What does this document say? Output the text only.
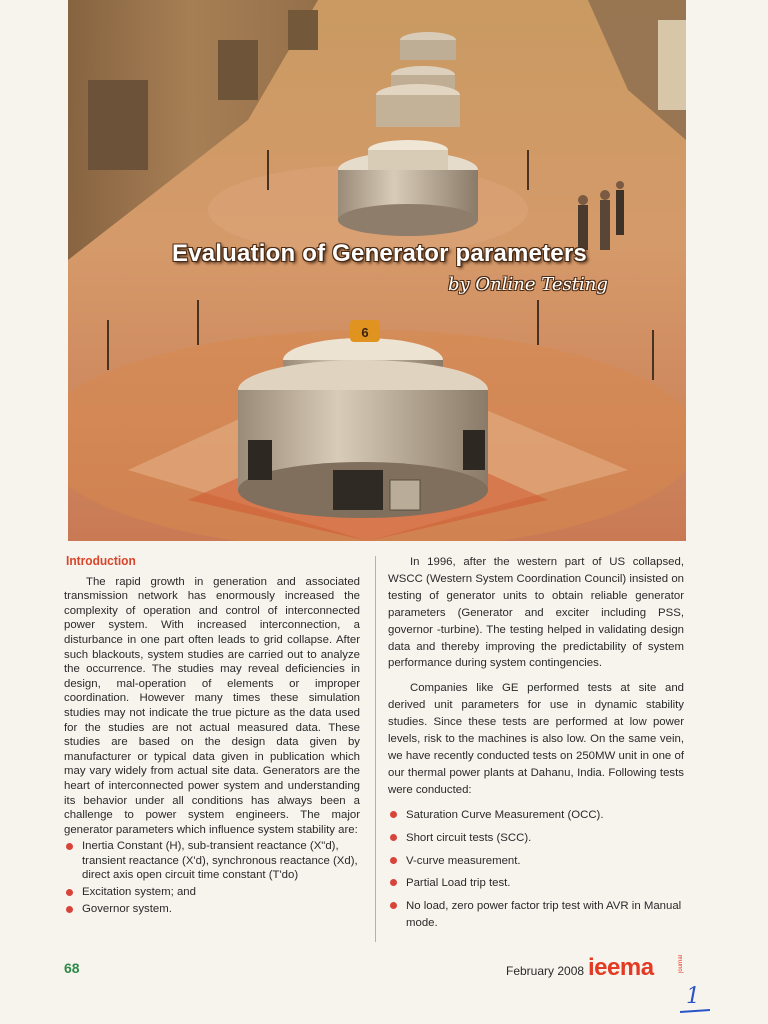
6
Evaluation of Generator parameters
by Online Testing
Introduction

The rapid growth in generation and associated transmission network has enormously increased the complexity of operation and control of interconnected power system. With increased interconnection, a disturbance in one part often leads to grid collapse. After such blackouts, system studies are carried out to analyze the occurrence. The studies may reveal deficiencies in design, mal-operation of elements or improper coordination. However many times these simulation studies may not indicate the true picture as the data used for the studies are not actual measured data. These studies are based on the design data given by manufacturer or typical data given in publication which may vary widely from actual site data. Generators are the heart of interconnected power system and understanding its behavior under all conditions has always been a challenge to power system engineers. The major generator parameters which influence system stability are:

Inertia Constant (H), sub-transient reactance (X"d), transient reactance (X'd), synchronous reactance (Xd), direct axis open circuit time constant (T'do)
Excitation system; and
Governor system.

In 1996, after the western part of US collapsed, WSCC (Western System Coordination Council) insisted on testing of generator units to obtain reliable generator parameters (Generator and exciter including PSS, governor -turbine). The testing helped in validating design data and thereby improving the predictability of system performance during system contingencies.

Companies like GE performed tests at site and derived unit parameters for use in dynamic stability studies. Since these tests are performed at low power levels, risk to the machines is also low. On the same vein, we have recently conducted tests on 250MW unit in one of our thermal power plants at Dahanu, India. Following tests were conducted:

Saturation Curve Measurement (OCC).
Short circuit tests (SCC).
V-curve measurement.
Partial Load trip test.
No load, zero power factor trip test with AVR in Manual mode.
68	February 2008 ieema	journal
1
